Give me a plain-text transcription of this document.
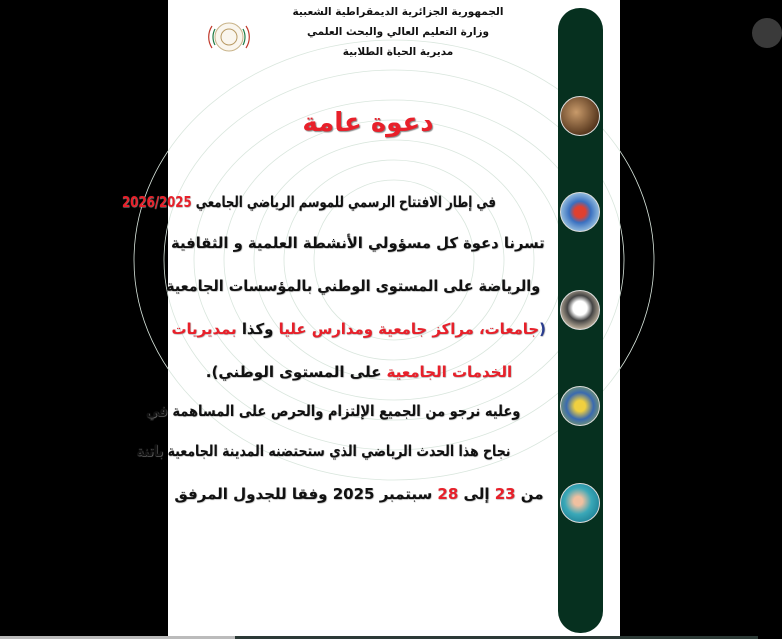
الجمهورية الجزائرية الديمقراطية الشعبية
وزارة التعليم العالي والبحث العلمي
مديرية الحياة الطلابية
دعوة عامة
في إطار الافتتاح الرسمي للموسم الرياضي الجامعي 2026/2025
تسرنا دعوة كل مسؤولي الأنشطة العلمية و الثقافية
والرياضة على المستوى الوطني بالمؤسسات الجامعية
(جامعات، مراكز جامعية ومدارس عليا وكذا بمديريات
الخدمات الجامعية على المستوى الوطني).
وعليه نرجو من الجميع الإلتزام والحرص على المساهمة في
نجاح هذا الحدث الرياضي الذي ستحتضنه المدينة الجامعية باتنة
من 23 إلى 28 سبتمبر 2025 وفقا للجدول المرفق
